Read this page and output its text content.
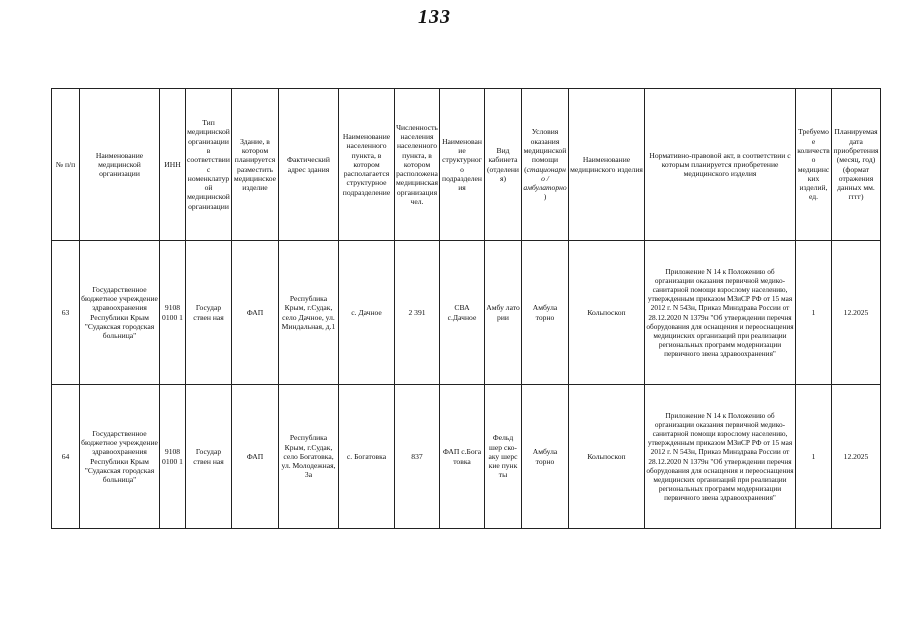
133
№ п/п	Наименование медицинской организации	ИНН	Тип медицинской организации в соответствии с номенклатурой медицинской организации	Здание, в котором планируется разместить медицинское изделие	Фактический адрес здания	Наименование населенного пункта, в котором располагается структурное подразделение	Численность населения населенного пункта, в котором расположена медицинская организация чел.	Наименование структурного подразделения	Вид кабинета (отделения)	Условия оказания медицинской помощи (стационарно / амбулаторно)	Наименование медицинского изделия	Нормативно-правовой акт, в соответствии с которым планируется приобретение медицинского изделия	Требуемое количество медицинских изделий, ед.	Планируемая дата приобретения (месяц, год) (формат отражения данных мм. гггг)
63	Государственное бюджетное учреждение здравоохранения Республики Крым "Судакская городская больница"	9108 0100 1	Государ ствен ная	ФАП	Республика Крым, г.Судак, село Дачное, ул. Миндальная, д.1	с. Дачное	2 391	СВА с.Дачное	Амбу лато рии	Амбула торно	Кольпоскоп	Приложение N 14 к Положению об организации оказания первичной медико-санитарной помощи взрослому населению, утвержденным приказом МЗиСР РФ от 15 мая 2012 г. N 543н, Приказ Минздрава России от 28.12.2020 N 1379н "Об утверждении перечня оборудования для оснащения и переоснащения медицинских организаций при реализации региональных программ модернизации первичного звена здравоохранения"	1	12.2025
64	Государственное бюджетное учреждение здравоохранения Республики Крым "Судакская городская больница"	9108 0100 1	Государ ствен ная	ФАП	Республика Крым, г.Судак, село Богатовка, ул. Молодежная, 3а	с. Богатовка	837	ФАП с.Бога товка	Фельд шер ско- аку шерс кие пунк ты	Амбула торно	Кольпоскоп	Приложение N 14 к Положению об организации оказания первичной медико-санитарной помощи взрослому населению, утвержденным приказом МЗиСР РФ от 15 мая 2012 г. N 543н, Приказ Минздрава России от 28.12.2020 N 1379н "Об утверждении перечня оборудования для оснащения и переоснащения медицинских организаций при реализации региональных программ модернизации первичного звена здравоохранения"	1	12.2025
